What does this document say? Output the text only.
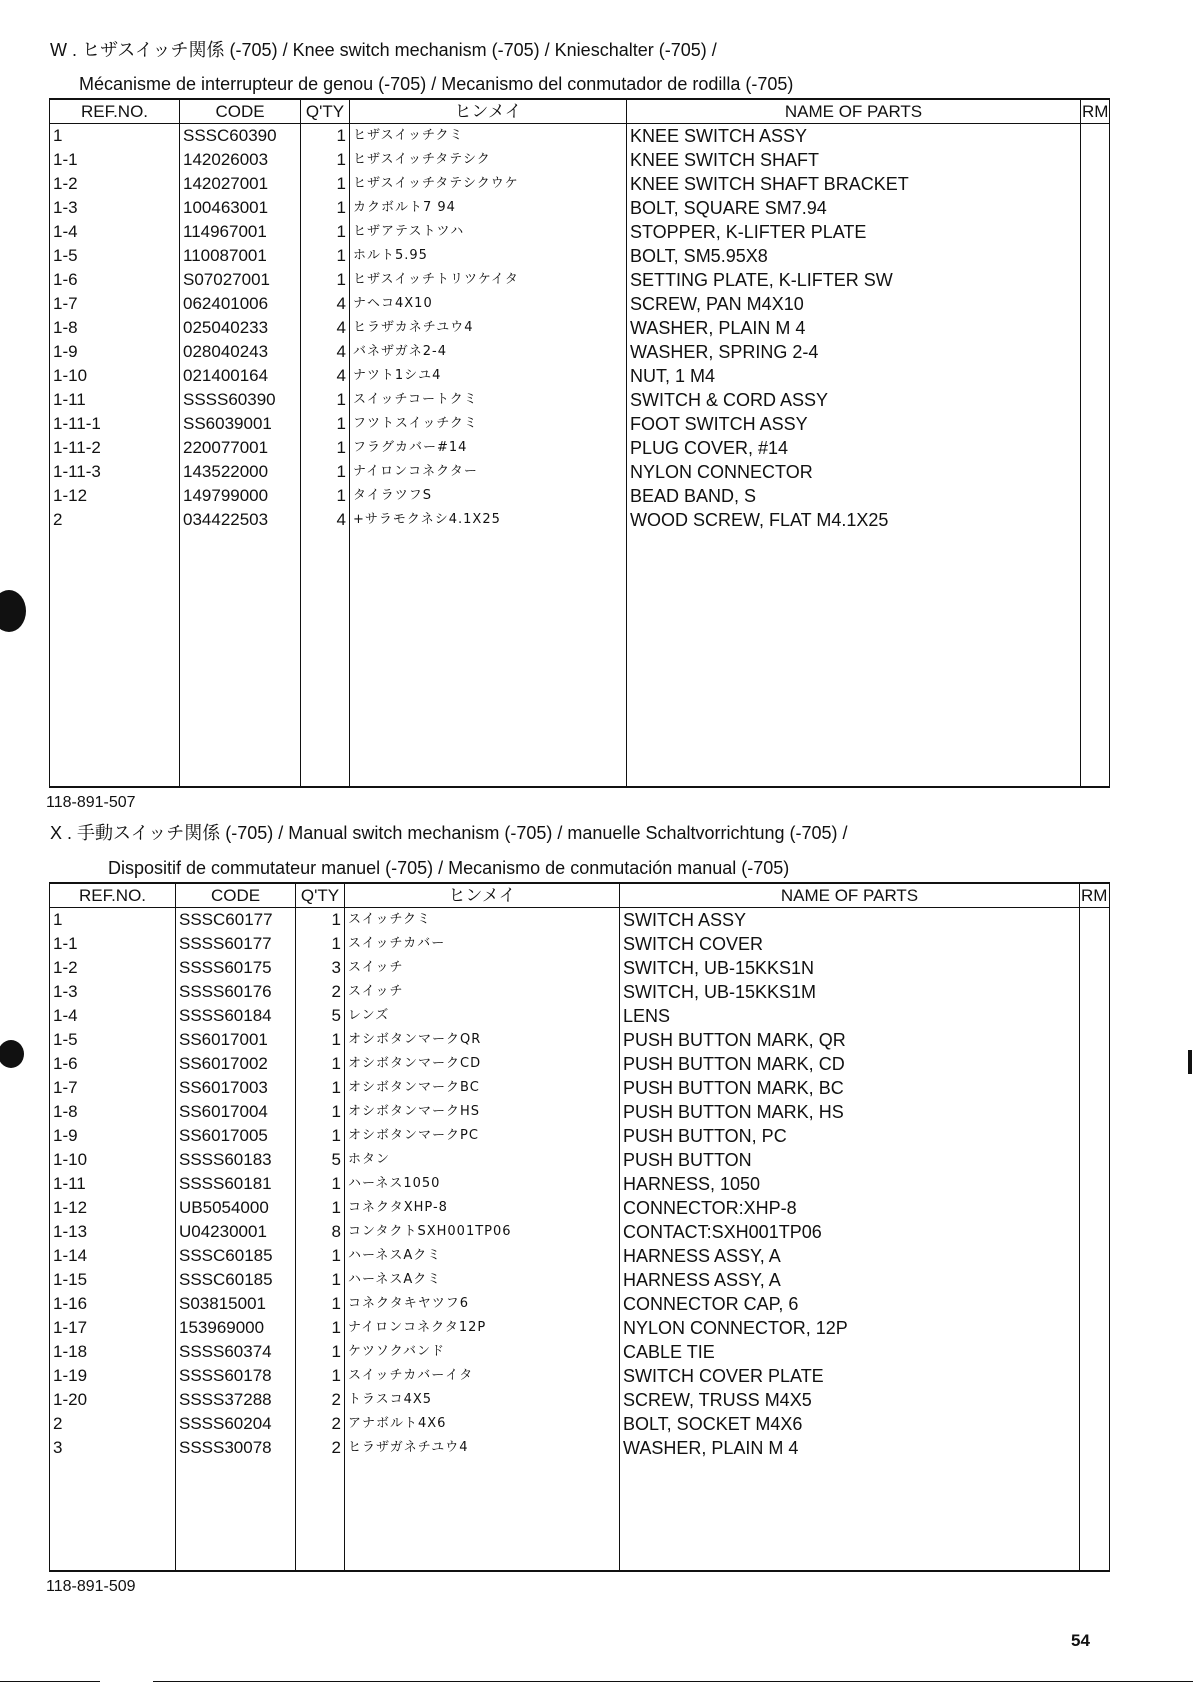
W . ヒザスイッチ関係 (-705) / Knee switch mechanism (-705) / Knieschalter (-705) /
Mécanisme de interrupteur de genou (-705) / Mecanismo del conmutador de rodilla (-705)
REF.NO.	CODE	Q'TY	ヒンメイ	NAME OF PARTS	RM
1	SSSC60390	1	ヒザスイッチクミ	KNEE SWITCH ASSY	
1-1	142026003	1	ヒザスイッチタテシク	KNEE SWITCH SHAFT	
1-2	142027001	1	ヒザスイッチタテシクウケ	KNEE SWITCH SHAFT BRACKET	
1-3	100463001	1	カクボルト7 94	BOLT, SQUARE SM7.94	
1-4	114967001	1	ヒザアテストツハ	STOPPER, K-LIFTER PLATE	
1-5	110087001	1	ホルト5.95	BOLT, SM5.95X8	
1-6	S07027001	1	ヒザスイッチトリツケイタ	SETTING PLATE, K-LIFTER SW	
1-7	062401006	4	ナヘコ4X10	SCREW, PAN M4X10	
1-8	025040233	4	ヒラザカネチユウ4	WASHER, PLAIN M 4	
1-9	028040243	4	バネザガネ2-4	WASHER, SPRING 2-4	
1-10	021400164	4	ナツト1シユ4	NUT, 1 M4	
1-11	SSSS60390	1	スイッチコートクミ	SWITCH & CORD ASSY	
1-11-1	SS6039001	1	フツトスイッチクミ	FOOT SWITCH ASSY	
1-11-2	220077001	1	フラグカバー#14	PLUG COVER, #14	
1-11-3	143522000	1	ナイロンコネクター	NYLON CONNECTOR	
1-12	149799000	1	タイラツフS	BEAD BAND, S	
2	034422503	4	+サラモクネシ4.1X25	WOOD SCREW, FLAT M4.1X25	

118-891-507

X . 手動スイッチ関係 (-705) / Manual switch mechanism (-705) / manuelle Schaltvorrichtung (-705) /
Dispositif de commutateur manuel (-705) / Mecanismo de conmutación manual (-705)
REF.NO.	CODE	Q'TY	ヒンメイ	NAME OF PARTS	RM
1	SSSC60177	1	スイッチクミ	SWITCH ASSY	
1-1	SSSS60177	1	スイッチカバー	SWITCH COVER	
1-2	SSSS60175	3	スイッチ	SWITCH, UB-15KKS1N	
1-3	SSSS60176	2	スイッチ	SWITCH, UB-15KKS1M	
1-4	SSSS60184	5	レンズ	LENS	
1-5	SS6017001	1	オシボタンマークQR	PUSH BUTTON MARK, QR	
1-6	SS6017002	1	オシボタンマークCD	PUSH BUTTON MARK, CD	
1-7	SS6017003	1	オシボタンマークBC	PUSH BUTTON MARK, BC	
1-8	SS6017004	1	オシボタンマークHS	PUSH BUTTON MARK, HS	
1-9	SS6017005	1	オシボタンマークPC	PUSH BUTTON, PC	
1-10	SSSS60183	5	ホタン	PUSH BUTTON	
1-11	SSSS60181	1	ハーネス1050	HARNESS, 1050	
1-12	UB5054000	1	コネクタXHP-8	CONNECTOR:XHP-8	
1-13	U04230001	8	コンタクトSXH001TP06	CONTACT:SXH001TP06	
1-14	SSSC60185	1	ハーネスAクミ	HARNESS ASSY, A	
1-15	SSSC60185	1	ハーネスAクミ	HARNESS ASSY, A	
1-16	S03815001	1	コネクタキヤツフ6	CONNECTOR CAP, 6	
1-17	153969000	1	ナイロンコネクタ12P	NYLON CONNECTOR, 12P	
1-18	SSSS60374	1	ケツソクバンド	CABLE TIE	
1-19	SSSS60178	1	スイッチカバーイタ	SWITCH COVER PLATE	
1-20	SSSS37288	2	トラスコ4X5	SCREW, TRUSS M4X5	
2	SSSS60204	2	アナボルト4X6	BOLT, SOCKET M4X6	
3	SSSS30078	2	ヒラザガネチユウ4	WASHER, PLAIN M 4	

118-891-509

54
